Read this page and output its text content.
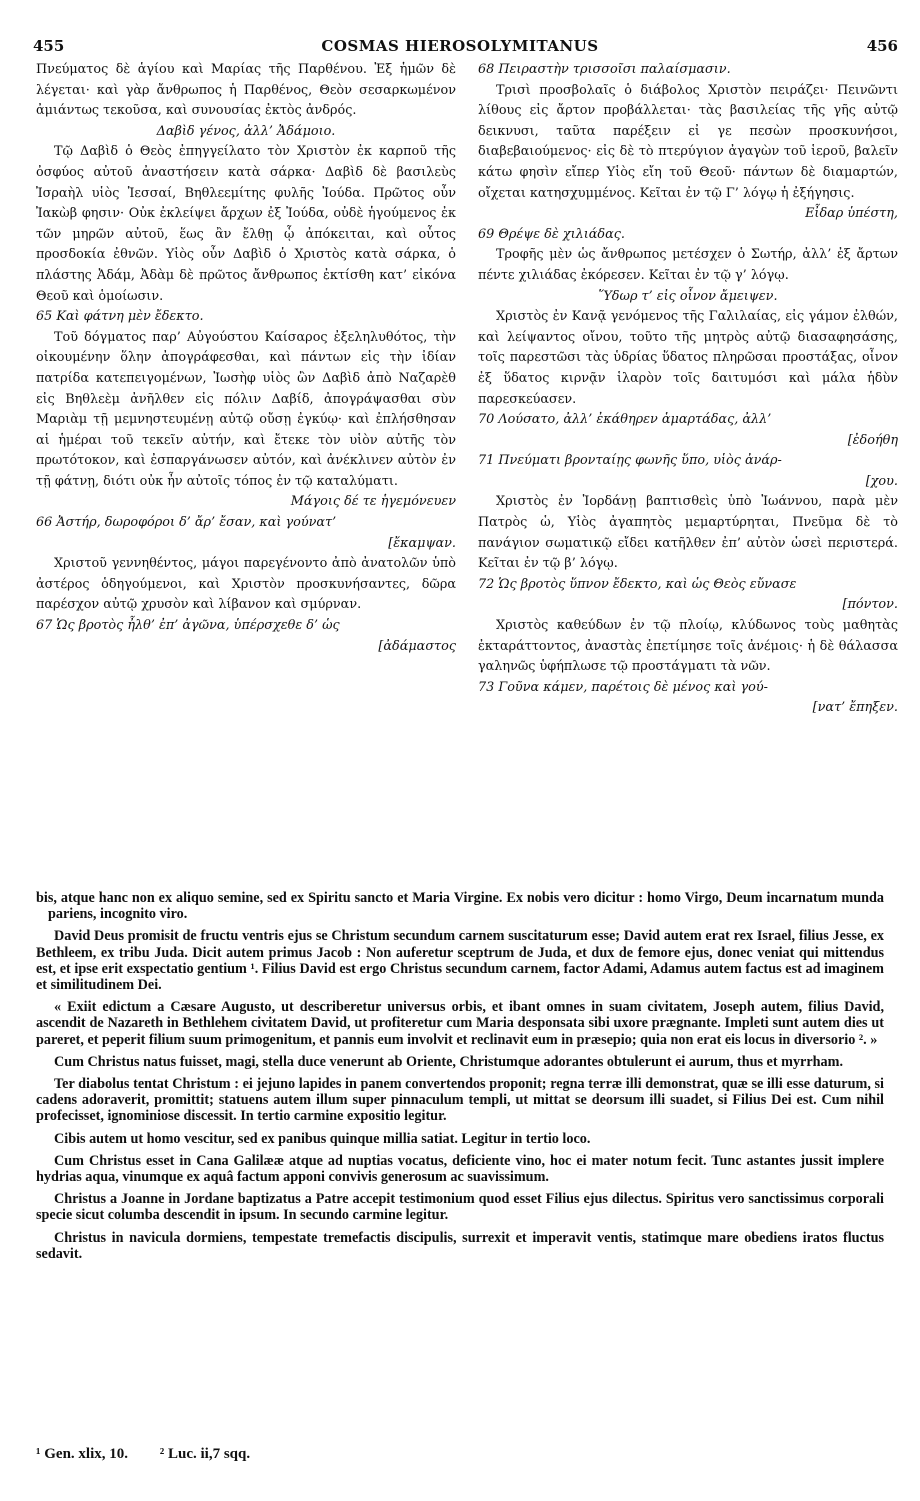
455	COSMAS HIEROSOLYMITANUS	456

Πνεύματος δὲ ἁγίου καὶ Μαρίας τῆς Παρθένου. Ἐξ ἡμῶν δὲ λέγεται· καὶ γὰρ ἄνθρωπος ἡ Παρθένος, Θεὸν σεσαρκωμένον ἀμιάντως τεκοῦσα, καὶ συνουσίας ἐκτὸς ἀνδρός.

Δαβὶδ γένος, ἀλλ’ Ἀδάμοιο.

Τῷ Δαβὶδ ὁ Θεὸς ἐπηγγείλατο τὸν Χριστὸν ἐκ καρποῦ τῆς ὀσφύος αὐτοῦ ἀναστήσειν κατὰ σάρκα· Δαβὶδ δὲ βασιλεὺς Ἰσραὴλ υἱὸς Ἰεσσαί, Βηθλεεμίτης φυλῆς Ἰούδα. Πρῶτος οὖν Ἰακὼβ φησιν· Οὐκ ἐκλείψει ἄρχων ἐξ Ἰούδα, οὐδὲ ἡγούμενος ἐκ τῶν μηρῶν αὐτοῦ, ἕως ἂν ἔλθῃ ᾧ ἀπόκειται, καὶ οὗτος προσδοκία ἐθνῶν. Υἱὸς οὖν Δαβὶδ ὁ Χριστὸς κατὰ σάρκα, ὁ πλάστης Ἀδάμ, Ἀδὰμ δὲ πρῶτος ἄνθρωπος ἐκτίσθη κατ’ εἰκόνα Θεοῦ καὶ ὁμοίωσιν.

65 Καὶ φάτνη μὲν ἔδεκτο.

Τοῦ δόγματος παρ’ Αὐγούστου Καίσαρος ἐξεληλυθότος, τὴν οἰκουμένην ὅλην ἀπογράφεσθαι, καὶ πάντων εἰς τὴν ἰδίαν πατρίδα κατεπειγομένων, Ἰωσὴφ υἱὸς ὢν Δαβὶδ ἀπὸ Ναζαρὲθ εἰς Βηθλεὲμ ἀνῆλθεν εἰς πόλιν Δαβίδ, ἀπογράψασθαι σὺν Μαριὰμ τῇ μεμνηστευμένῃ αὐτῷ οὔσῃ ἐγκύῳ· καὶ ἐπλήσθησαν αἱ ἡμέραι τοῦ τεκεῖν αὐτήν, καὶ ἔτεκε τὸν υἱὸν αὐτῆς τὸν πρωτότοκον, καὶ ἐσπαργάνωσεν αὐτόν, καὶ ἀνέκλινεν αὐτὸν ἐν τῇ φάτνῃ, διότι οὐκ ἦν αὐτοῖς τόπος ἐν τῷ καταλύματι.

Μάγοις δέ τε ἡγεμόνευεν

66 Ἀστήρ, δωροφόροι δ’ ἄρ’ ἔσαν, καὶ γούνατ’

[ἔκαμψαν.

Χριστοῦ γεννηθέντος, μάγοι παρεγένοντο ἀπὸ ἀνατολῶν ὑπὸ ἀστέρος ὁδηγούμενοι, καὶ Χριστὸν προσκυνήσαντες, δῶρα παρέσχον αὐτῷ χρυσὸν καὶ λίβανον καὶ σμύρναν.

67 Ὡς βροτὸς ἦλθ’ ἐπ’ ἀγῶνα, ὑπέρσχεθε δ’ ὡς

[ἀδάμαστος

68 Πειραστὴν τρισσοῖσι παλαίσμασιν.

Τρισὶ προσβολαῖς ὁ διάβολος Χριστὸν πειράζει· Πεινῶντι λίθους εἰς ἄρτον προβάλλεται· τὰς βασιλείας τῆς γῆς αὐτῷ δεικνυσι, ταῦτα παρέξειν εἰ γε πεσὼν προσκυνήσοι, διαβεβαιούμενος· εἰς δὲ τὸ πτερύγιον ἀγαγὼν τοῦ ἱεροῦ, βαλεῖν κάτω φησὶν εἴπερ Υἱὸς εἴη τοῦ Θεοῦ· πάντων δὲ διαμαρτών, οἴχεται κατησχυμμένος. Κεῖται ἐν τῷ Γ’ λόγῳ ἡ ἐξήγησις.

Εἶδαρ ὑπέστη,

69 Θρέψε δὲ χιλιάδας.

Τροφῆς μὲν ὡς ἄνθρωπος μετέσχεν ὁ Σωτήρ, ἀλλ’ ἐξ ἄρτων πέντε χιλιάδας ἐκόρεσεν. Κεῖται ἐν τῷ γ’ λόγῳ.

Ὕδωρ τ’ εἰς οἶνον ἄμειψεν.

Χριστὸς ἐν Κανᾷ γενόμενος τῆς Γαλιλαίας, εἰς γάμον ἐλθών, καὶ λείψαντος οἴνου, τοῦτο τῆς μητρὸς αὐτῷ διασαφησάσης, τοῖς παρεστῶσι τὰς ὑδρίας ὕδατος πληρῶσαι προστάξας, οἶνον ἐξ ὕδατος κιρνᾷν ἱλαρὸν τοῖς δαιτυμόσι καὶ μάλα ἡδὺν παρεσκεύασεν.

70 Λούσατο, ἀλλ’ ἐκάθηρεν ἁμαρτάδας, ἀλλ’

[ἐδοήθη

71 Πνεύματι βρονταίῃς φωνῆς ὕπο, υἱὸς ἀνάρ-

[χου.

Χριστὸς ἐν Ἰορδάνῃ βαπτισθεὶς ὑπὸ Ἰωάννου, παρὰ μὲν Πατρὸς ὡ, Υἱὸς ἀγαπητὸς μεμαρτύρηται, Πνεῦμα δὲ τὸ πανάγιον σωματικῷ εἴδει κατῆλθεν ἐπ’ αὐτὸν ὡσεὶ περιστερά. Κεῖται ἐν τῷ β’ λόγῳ.

72 Ὡς βροτὸς ὕπνον ἔδεκτο, καὶ ὡς Θεὸς εὔνασε

[πόντον.

Χριστὸς καθεύδων ἐν τῷ πλοίῳ, κλύδωνος τοὺς μαθητὰς ἐκταράττοντος, ἀναστὰς ἐπετίμησε τοῖς ἀνέμοις· ἡ δὲ θάλασσα γαληνῶς ὑφήπλωσε τῷ προστάγματι τὰ νῶν.

73 Γοῦνα κάμεν, παρέτοις δὲ μένος καὶ γού-

[νατ’ ἔπηξεν.

bis, atque hanc non ex aliquo semine, sed ex Spiritu sancto et Maria Virgine. Ex nobis vero dicitur : homo Virgo, Deum incarnatum munda pariens, incognito viro.

David Deus promisit de fructu ventris ejus se Christum secundum carnem suscitaturum esse; David autem erat rex Israel, filius Jesse, ex Bethleem, ex tribu Juda. Dicit autem primus Jacob : Non auferetur sceptrum de Juda, et dux de femore ejus, donec veniat qui mittendus est, et ipse erit exspectatio gentium ¹. Filius David est ergo Christus secundum carnem, factor Adami, Adamus autem factus est ad imaginem et similitudinem Dei.

« Exiit edictum a Cæsare Augusto, ut describeretur universus orbis, et ibant omnes in suam civitatem, Joseph autem, filius David, ascendit de Nazareth in Bethlehem civitatem David, ut profiteretur cum Maria desponsata sibi uxore prægnante. Impleti sunt autem dies ut pareret, et peperit filium suum primogenitum, et pannis eum involvit et reclinavit eum in præsepio; quia non erat eis locus in diversorio ². »

Cum Christus natus fuisset, magi, stella duce venerunt ab Oriente, Christumque adorantes obtulerunt ei aurum, thus et myrrham.

Ter diabolus tentat Christum : ei jejuno lapides in panem convertendos proponit; regna terræ illi demonstrat, quæ se illi esse daturum, si cadens adoraverit, promittit; statuens autem illum super pinnaculum templi, ut mittat se deorsum illi suadet, si Filius Dei est. Cum nihil profecisset, ignominiose discessit. In tertio carmine expositio legitur.

Cibis autem ut homo vescitur, sed ex panibus quinque millia satiat. Legitur in tertio loco.

Cum Christus esset in Cana Galilææ atque ad nuptias vocatus, deficiente vino, hoc ei mater notum fecit. Tunc astantes jussit implere hydrias aqua, vinumque ex aquâ factum apponi convivis generosum ac suavissimum.

Christus a Joanne in Jordane baptizatus a Patre accepit testimonium quod esset Filius ejus dilectus. Spiritus vero sanctissimus corporali specie sicut columba descendit in ipsum. In secundo carmine legitur.

Christus in navicula dormiens, tempestate tremefactis discipulis, surrexit et imperavit ventis, statimque mare obediens iratos fluctus sedavit.

¹ Gen. xlix, 10. ² Luc. ii,7 sqq.
